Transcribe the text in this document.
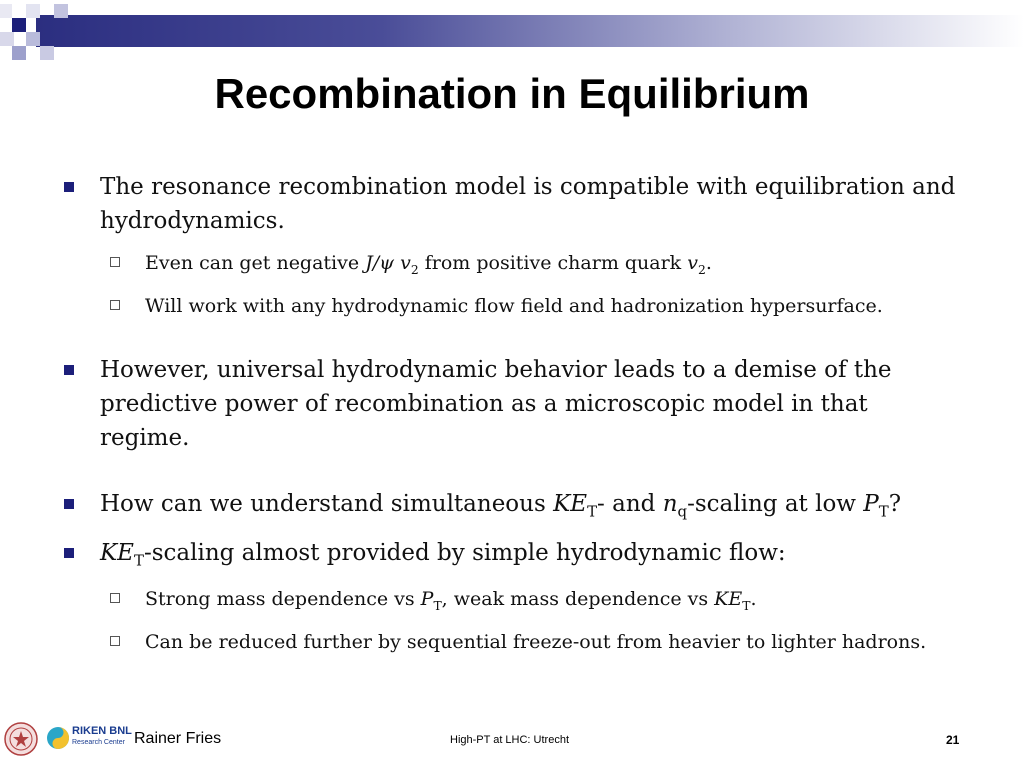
Recombination in Equilibrium
The resonance recombination model is compatible with equilibration and hydrodynamics.
Even can get negative J/ψ $v_2$ from positive charm quark $v_2$.
Will work with any hydrodynamic flow field and hadronization hypersurface.
However, universal hydrodynamic behavior leads to a demise of the predictive power of recombination as a microscopic model in that regime.
How can we understand simultaneous $KE_T-$ and $n_q$-scaling at low $P_T$?
$KE_T$-scaling almost provided by simple hydrodynamic flow:
Strong mass dependence vs $P_T$, weak mass dependence vs $KE_T$.
Can be reduced further by sequential freeze-out from heavier to lighter hadrons.
RIKEN BNL
Research Center Rainer Fries	High-PT at LHC: Utrecht	21
